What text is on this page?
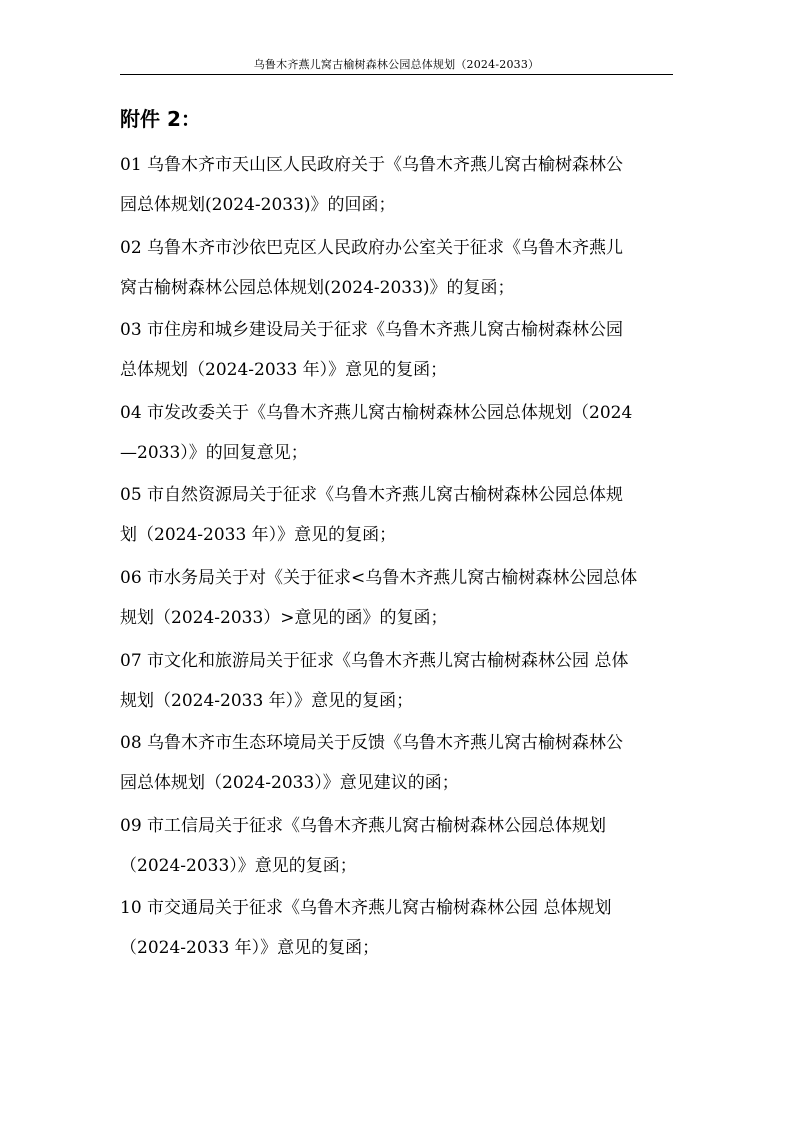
乌鲁木齐燕儿窝古榆树森林公园总体规划（2024-2033）
附件 2：
01 乌鲁木齐市天山区人民政府关于《乌鲁木齐燕儿窝古榆树森林公
园总体规划(2024-2033)》的回函；
02 乌鲁木齐市沙依巴克区人民政府办公室关于征求《乌鲁木齐燕儿
窝古榆树森林公园总体规划(2024-2033)》的复函；
03 市住房和城乡建设局关于征求《乌鲁木齐燕儿窝古榆树森林公园
总体规划（2024-2033 年）》意见的复函；
04 市发改委关于《乌鲁木齐燕儿窝古榆树森林公园总体规划（2024
—2033）》的回复意见；
05 市自然资源局关于征求《乌鲁木齐燕儿窝古榆树森林公园总体规
划（2024-2033 年）》意见的复函；
06 市水务局关于对《关于征求<乌鲁木齐燕儿窝古榆树森林公园总体
规划（2024-2033）>意见的函》的复函；
07 市文化和旅游局关于征求《乌鲁木齐燕儿窝古榆树森林公园 总体
规划（2024-2033 年）》意见的复函；
08 乌鲁木齐市生态环境局关于反馈《乌鲁木齐燕儿窝古榆树森林公
园总体规划（2024-2033）》意见建议的函；
09 市工信局关于征求《乌鲁木齐燕儿窝古榆树森林公园总体规划
（2024-2033）》意见的复函；
10 市交通局关于征求《乌鲁木齐燕儿窝古榆树森林公园 总体规划
（2024-2033 年）》意见的复函；
